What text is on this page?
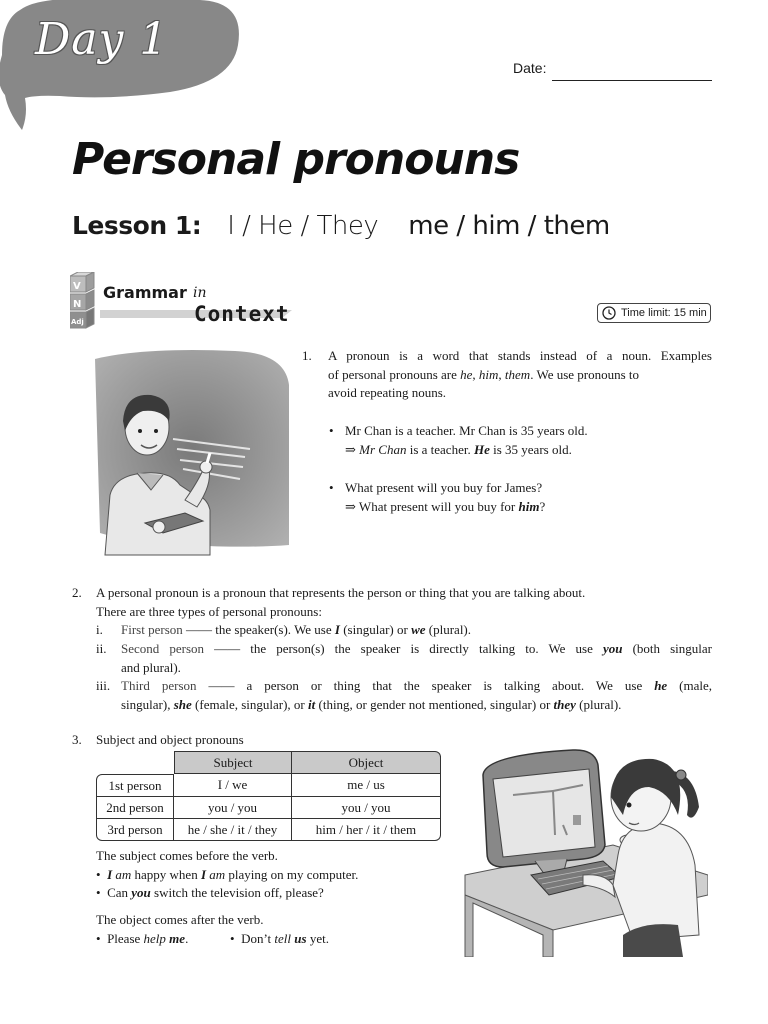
Day 1
Date:
Personal pronouns
Lesson 1: I / He / They me / him / them
V
N
Adj
Grammar in
Context	Time limit: 15 min
1. A pronoun is a word that stands instead of a noun. Examples
of personal pronouns are he, him, them. We use pronouns to
avoid repeating nouns.
• Mr Chan is a teacher. Mr Chan is 35 years old.
⇒ Mr Chan is a teacher. He is 35 years old.
• What present will you buy for James?
⇒ What present will you buy for him?
2. A personal pronoun is a pronoun that represents the person or thing that you are talking about.
There are three types of personal pronouns:
i. First person —— the speaker(s). We use I (singular) or we (plural).
ii. Second person —— the person(s) the speaker is directly talking to. We use you (both singular
and plural).
iii. Third person —— a person or thing that the speaker is talking about. We use he (male,
singular), she (female, singular), or it (thing, or gender not mentioned, singular) or they (plural).
3. Subject and object pronouns
	Subject	Object
1st person	I / we	me / us
2nd person	you / you	you / you
3rd person	he / she / it / they	him / her / it / them
The subject comes before the verb.
• I am happy when I am playing on my computer.
• Can you switch the television off, please?
The object comes after the verb.
• Please help me.	• Don’t tell us yet.
